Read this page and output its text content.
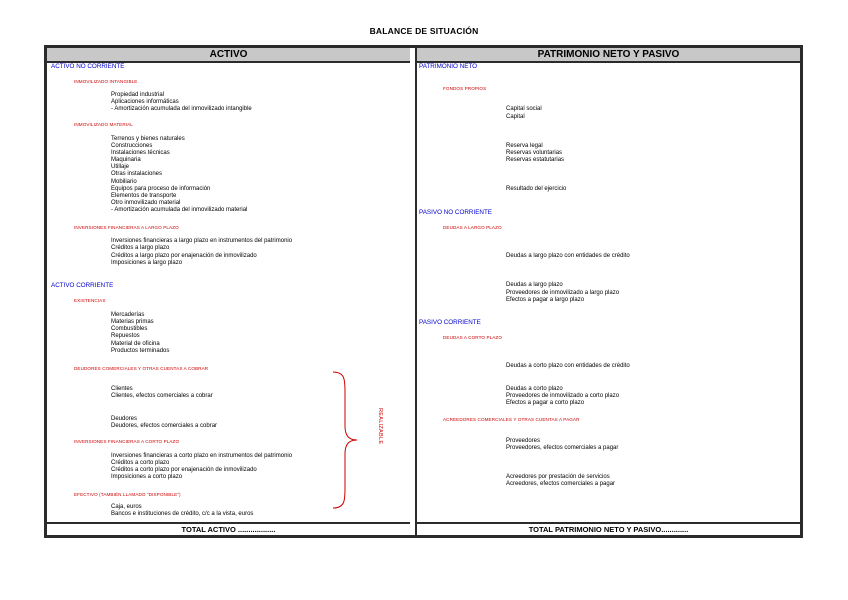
BALANCE DE SITUACIÓN
ACTIVO
ACTIVO NO CORRIENTE
INMOVILIZADO INTANGIBLE
Propiedad industrial
Aplicaciones informáticas
- Amortización acumulada del inmovilizado intangible
INMOVILIZADO MATERIAL
Terrenos y bienes naturales
Construcciones
Instalaciones técnicas
Maquinaria
Utillaje
Otras instalaciones
Mobiliario
Equipos para proceso de información
Elementos de transporte
Otro inmovilizado material
- Amortización acumulada del inmovilizado material
INVERSIONES FINANCIERAS A LARGO PLAZO
Inversiones financieras a largo plazo en instrumentos del patrimonio
Créditos a largo plazo
Créditos a largo plazo por enajenación de inmovilizado
Imposiciones a largo plazo
ACTIVO CORRIENTE
EXISTENCIAS
Mercaderías
Materias primas
Combustibles
Repuestos
Material de oficina
Productos terminados
DEUDORES COMERCIALES Y OTRAS CUENTAS A COBRAR
Clientes
Clientes, efectos comerciales a cobrar
Deudores
Deudores, efectos comerciales a cobrar
INVERSIONES FINANCIERAS A CORTO PLAZO
Inversiones financieras a corto plazo en instrumentos del patrimonio
Créditos a corto plazo
Créditos a corto plazo por enajenación de inmovilizado
Imposiciones a corto plazo
EFECTIVO (TAMBIÉN LLAMADO "DISPONIBLE")
Caja, euros
Bancos e instituciones de crédito, c/c a la vista, euros
REALIZABLE
TOTAL ACTIVO ..................
PATRIMONIO NETO Y PASIVO
PATRIMONIO NETO
FONDOS PROPIOS
Capital social
Capital
Reserva legal
Reservas voluntarias
Reservas estatutarias
Resultado del ejercicio
PASIVO NO CORRIENTE
DEUDAS A LARGO PLAZO
Deudas a largo plazo con entidades de crédito
Deudas a largo plazo
Proveedores de inmovilizado a largo plazo
Efectos a pagar a largo plazo
PASIVO CORRIENTE
DEUDAS A CORTO PLAZO
Deudas a corto plazo con entidades de crédito
Deudas a corto plazo
Proveedores de inmovilizado a corto plazo
Efectos a pagar a corto plazo
ACREEDORES COMERCIALES Y OTRAS CUENTAS A PAGAR
Proveedores
Proveedores, efectos comerciales a pagar
Acreedores por prestación de servicios
Acreedores, efectos comerciales a pagar
TOTAL PATRIMONIO NETO Y PASIVO.............
